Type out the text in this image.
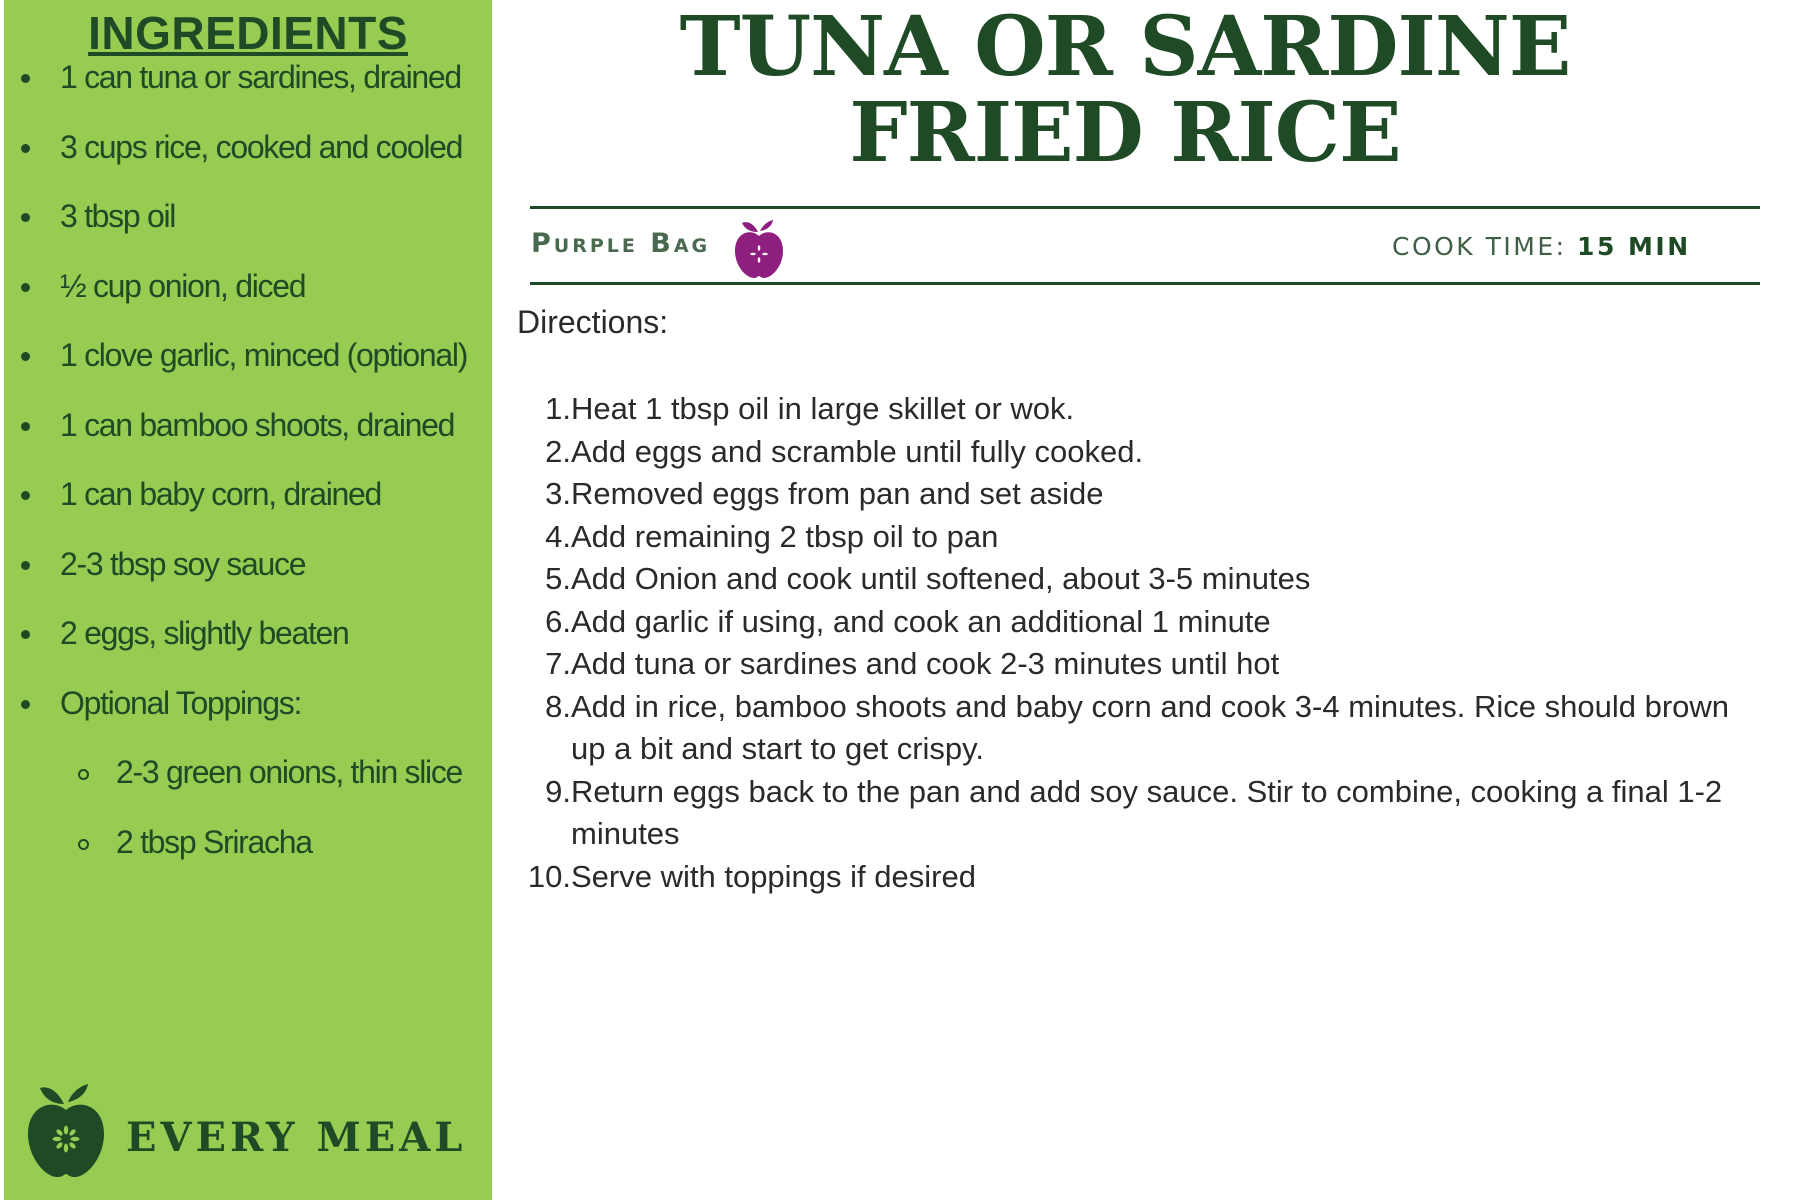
INGREDIENTS
1 can tuna or sardines, drained
3 cups rice, cooked and cooled
3 tbsp oil
½ cup onion, diced
1 clove garlic, minced (optional)
1 can bamboo shoots, drained
1 can baby corn, drained
2-3 tbsp soy sauce
2 eggs, slightly beaten
Optional Toppings:
2-3 green onions, thin slice
2 tbsp Sriracha
EVERY MEAL
TUNA OR SARDINE
FRIED RICE
Purple Bag	COOK TIME: 15 MIN
Directions:
1. Heat 1 tbsp oil in large skillet or wok.
2. Add eggs and scramble until fully cooked.
3. Removed eggs from pan and set aside
4. Add remaining 2 tbsp oil to pan
5. Add Onion and cook until softened, about 3-5 minutes
6. Add garlic if using, and cook an additional 1 minute
7. Add tuna or sardines and cook 2-3 minutes until hot
8. Add in rice, bamboo shoots and baby corn and cook 3-4 minutes. Rice should brown up a bit and start to get crispy.
9. Return eggs back to the pan and add soy sauce. Stir to combine, cooking a final 1-2 minutes
10. Serve with toppings if desired
